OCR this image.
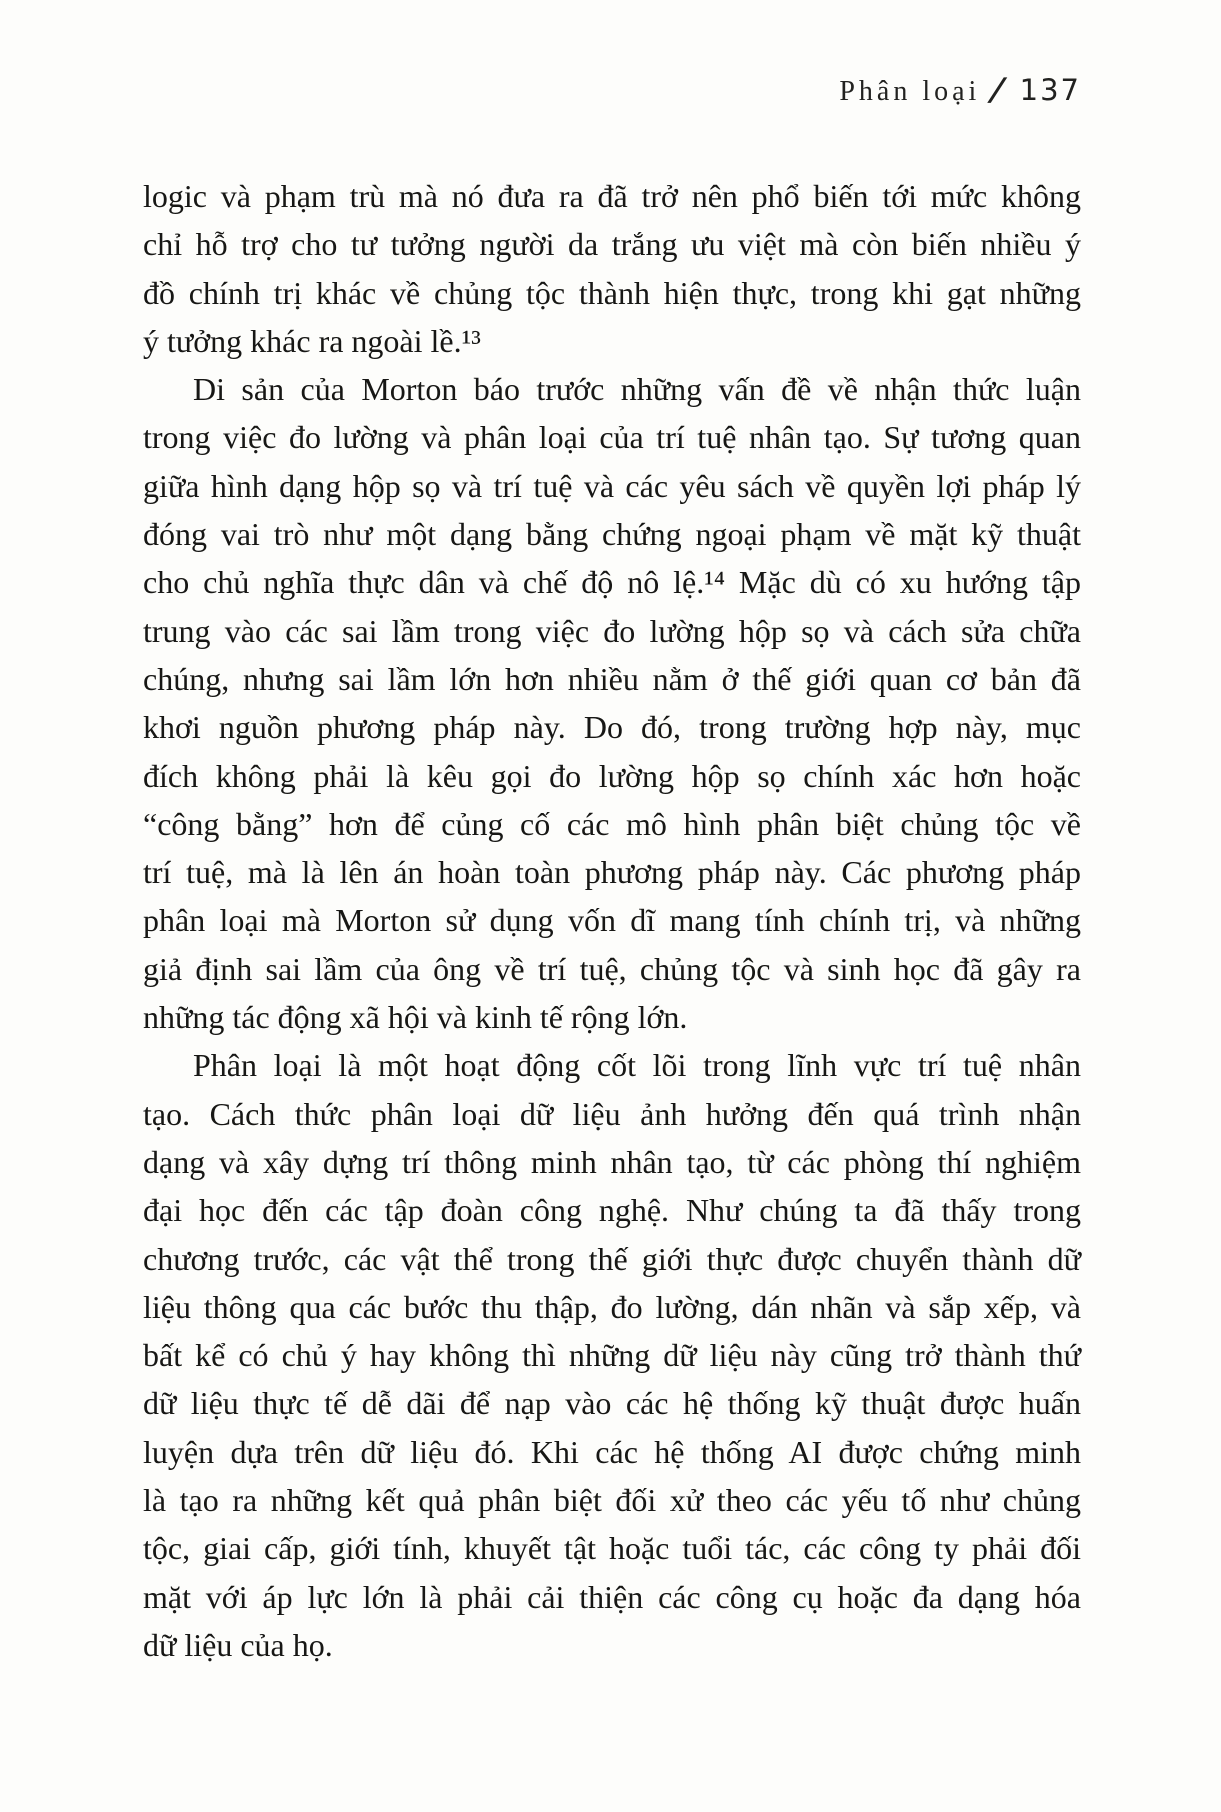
Phân loại / 137
logic và phạm trù mà nó đưa ra đã trở nên phổ biến tới mức không
chỉ hỗ trợ cho tư tưởng người da trắng ưu việt mà còn biến nhiều ý
đồ chính trị khác về chủng tộc thành hiện thực, trong khi gạt những
ý tưởng khác ra ngoài lề.¹³
Di sản của Morton báo trước những vấn đề về nhận thức luận
trong việc đo lường và phân loại của trí tuệ nhân tạo. Sự tương quan
giữa hình dạng hộp sọ và trí tuệ và các yêu sách về quyền lợi pháp lý
đóng vai trò như một dạng bằng chứng ngoại phạm về mặt kỹ thuật
cho chủ nghĩa thực dân và chế độ nô lệ.¹⁴ Mặc dù có xu hướng tập
trung vào các sai lầm trong việc đo lường hộp sọ và cách sửa chữa
chúng, nhưng sai lầm lớn hơn nhiều nằm ở thế giới quan cơ bản đã
khơi nguồn phương pháp này. Do đó, trong trường hợp này, mục
đích không phải là kêu gọi đo lường hộp sọ chính xác hơn hoặc
“công bằng” hơn để củng cố các mô hình phân biệt chủng tộc về
trí tuệ, mà là lên án hoàn toàn phương pháp này. Các phương pháp
phân loại mà Morton sử dụng vốn dĩ mang tính chính trị, và những
giả định sai lầm của ông về trí tuệ, chủng tộc và sinh học đã gây ra
những tác động xã hội và kinh tế rộng lớn.
Phân loại là một hoạt động cốt lõi trong lĩnh vực trí tuệ nhân
tạo. Cách thức phân loại dữ liệu ảnh hưởng đến quá trình nhận
dạng và xây dựng trí thông minh nhân tạo, từ các phòng thí nghiệm
đại học đến các tập đoàn công nghệ. Như chúng ta đã thấy trong
chương trước, các vật thể trong thế giới thực được chuyển thành dữ
liệu thông qua các bước thu thập, đo lường, dán nhãn và sắp xếp, và
bất kể có chủ ý hay không thì những dữ liệu này cũng trở thành thứ
dữ liệu thực tế dễ dãi để nạp vào các hệ thống kỹ thuật được huấn
luyện dựa trên dữ liệu đó. Khi các hệ thống AI được chứng minh
là tạo ra những kết quả phân biệt đối xử theo các yếu tố như chủng
tộc, giai cấp, giới tính, khuyết tật hoặc tuổi tác, các công ty phải đối
mặt với áp lực lớn là phải cải thiện các công cụ hoặc đa dạng hóa
dữ liệu của họ.
